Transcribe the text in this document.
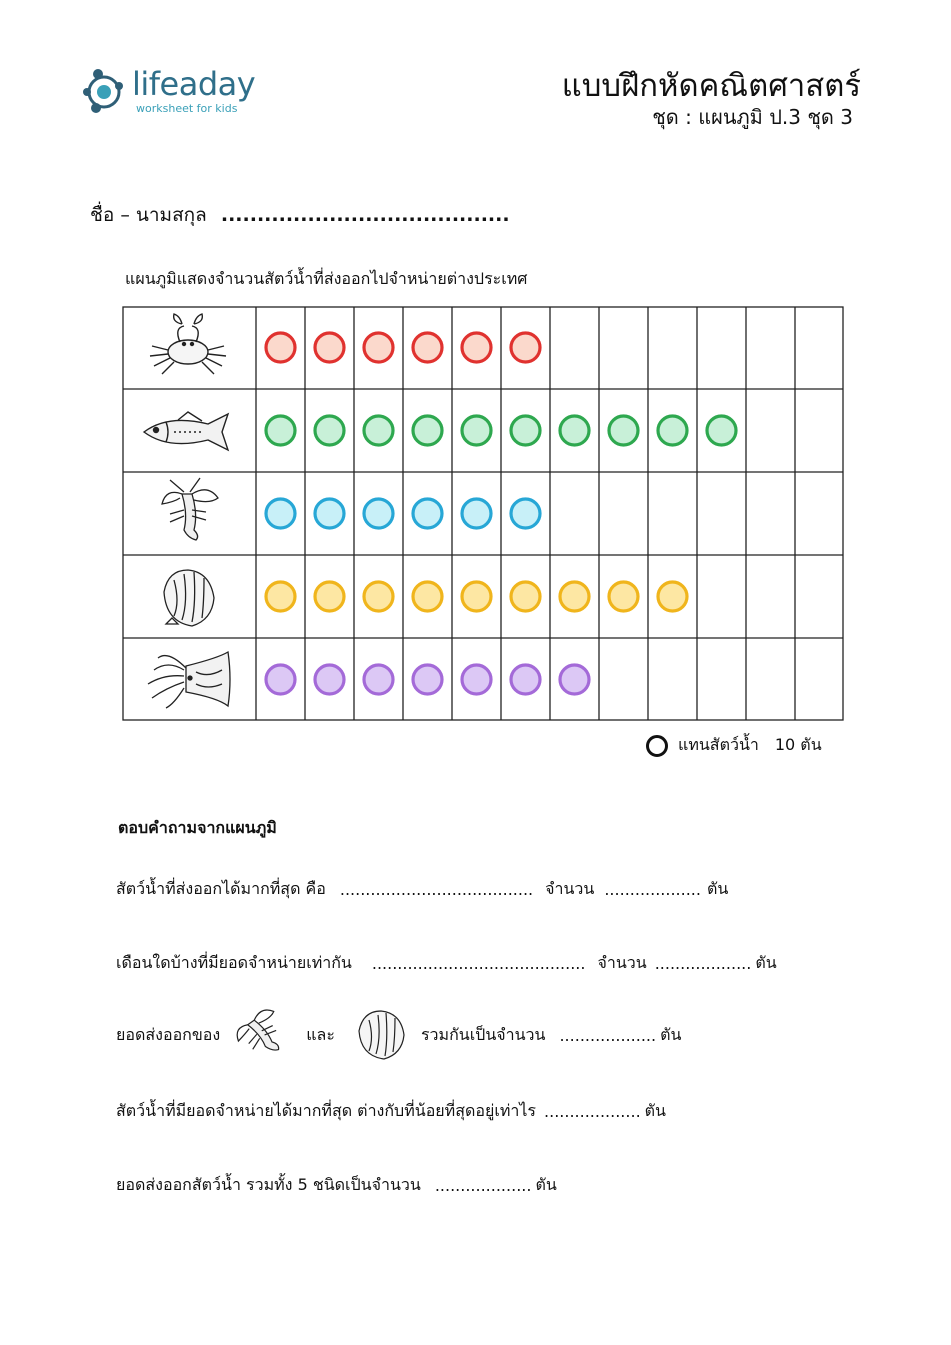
lifeaday
worksheet for kids
แบบฝึกหัดคณิตศาสตร์
ชุด : แผนภูมิ ป.3 ชุด 3
ชื่อ – นามสกุล ........................................
แผนภูมิแสดงจำนวนสัตว์น้ำที่ส่งออกไปจำหน่ายต่างประเทศ
แทนสัตว์น้ำ 10 ตัน
ตอบคำถามจากแผนภูมิ
สัตว์น้ำที่ส่งออกได้มากที่สุด คือ ...................................... จำนวน ................... ตัน
เดือนใดบ้างที่มียอดจำหน่ายเท่ากัน .......................................... จำนวน ................... ตัน
ยอดส่งออกของ	และ	รวมกันเป็นจำนวน ................... ตัน
สัตว์น้ำที่มียอดจำหน่ายได้มากที่สุด ต่างกับที่น้อยที่สุดอยู่เท่าไร ................... ตัน
ยอดส่งออกสัตว์น้ำ รวมทั้ง 5 ชนิดเป็นจำนวน ................... ตัน
